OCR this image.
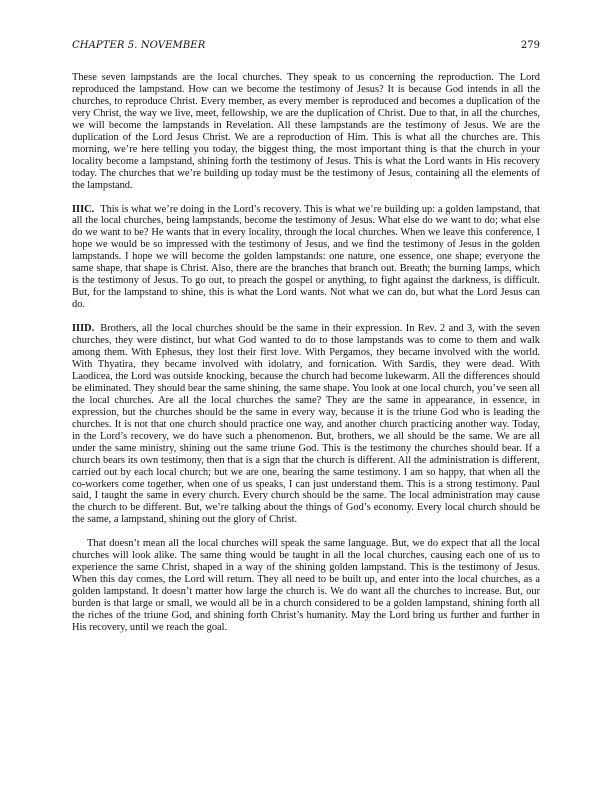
CHAPTER 5. NOVEMBER	279

These seven lampstands are the local churches. They speak to us concerning the reproduction. The Lord reproduced the lampstand. How can we become the testimony of Jesus? It is because God intends in all the churches, to reproduce Christ. Every member, as every member is reproduced and becomes a duplication of the very Christ, the way we live, meet, fellowship, we are the duplication of Christ. Due to that, in all the churches, we will become the lampstands in Revelation. All these lampstands are the testimony of Jesus. We are the duplication of the Lord Jesus Christ. We are a reproduction of Him. This is what all the churches are. This morning, we’re here telling you today, the biggest thing, the most important thing is that the church in your locality become a lampstand, shining forth the testimony of Jesus. This is what the Lord wants in His recovery today. The churches that we’re building up today must be the testimony of Jesus, containing all the elements of the lampstand.

IIIC. This is what we’re doing in the Lord’s recovery. This is what we’re building up: a golden lampstand, that all the local churches, being lampstands, become the testimony of Jesus. What else do we want to do; what else do we want to be? He wants that in every locality, through the local churches. When we leave this conference, I hope we would be so impressed with the testimony of Jesus, and we find the testimony of Jesus in the golden lampstands. I hope we will become the golden lampstands: one nature, one essence, one shape; everyone the same shape, that shape is Christ. Also, there are the branches that branch out. Breath; the burning lamps, which is the testimony of Jesus. To go out, to preach the gospel or anything, to fight against the darkness, is difficult. But, for the lampstand to shine, this is what the Lord wants. Not what we can do, but what the Lord Jesus can do.

IIID. Brothers, all the local churches should be the same in their expression. In Rev. 2 and 3, with the seven churches, they were distinct, but what God wanted to do to those lampstands was to come to them and walk among them. With Ephesus, they lost their first love. With Pergamos, they became involved with the world. With Thyatira, they became involved with idolatry, and fornication. With Sardis, they were dead. With Laodicea, the Lord was outside knocking, because the church had become lukewarm. All the differences should be eliminated. They should bear the same shining, the same shape. You look at one local church, you’ve seen all the local churches. Are all the local churches the same? They are the same in appearance, in essence, in expression, but the churches should be the same in every way, because it is the triune God who is leading the churches. It is not that one church should practice one way, and another church practicing another way. Today, in the Lord’s recovery, we do have such a phenomenon. But, brothers, we all should be the same. We are all under the same ministry, shining out the same triune God. This is the testimony the churches should bear. If a church bears its own testimony, then that is a sign that the church is different. All the administration is different, carried out by each local church; but we are one, bearing the same testimony. I am so happy, that when all the co-workers come together, when one of us speaks, I can just understand them. This is a strong testimony. Paul said, I taught the same in every church. Every church should be the same. The local administration may cause the church to be different. But, we’re talking about the things of God’s economy. Every local church should be the same, a lampstand, shining out the glory of Christ.

That doesn’t mean all the local churches will speak the same language. But, we do expect that all the local churches will look alike. The same thing would be taught in all the local churches, causing each one of us to experience the same Christ, shaped in a way of the shining golden lampstand. This is the testimony of Jesus. When this day comes, the Lord will return. They all need to be built up, and enter into the local churches, as a golden lampstand. It doesn’t matter how large the church is. We do want all the churches to increase. But, our burden is that large or small, we would all be in a church considered to be a golden lampstand, shining forth all the riches of the triune God, and shining forth Christ’s humanity. May the Lord bring us further and further in His recovery, until we reach the goal.
